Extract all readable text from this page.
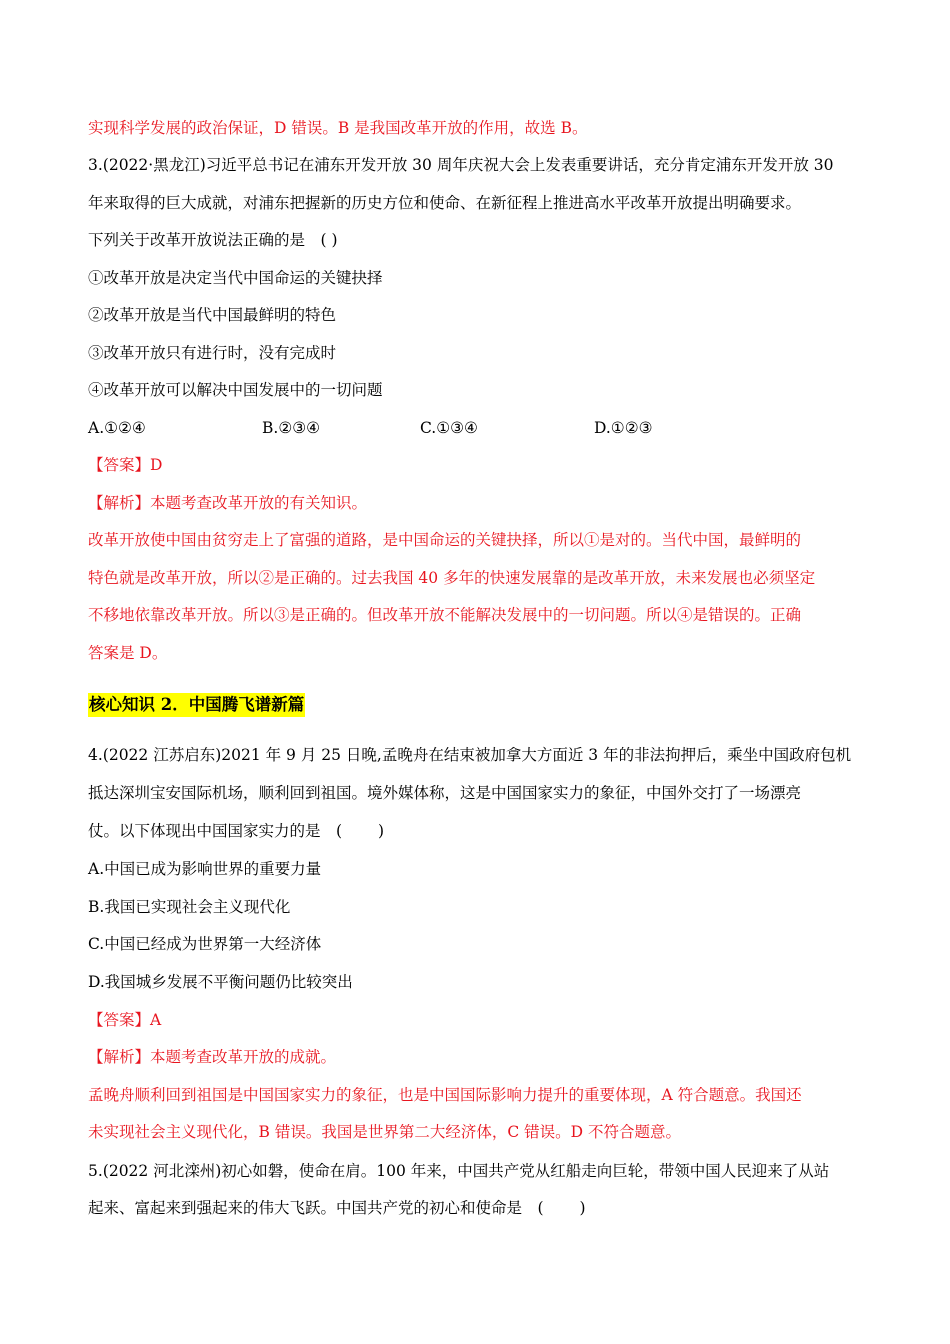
实现科学发展的政治保证，D 错误。B 是我国改革开放的作用，故选 B。
3.(2022·黑龙江)习近平总书记在浦东开发开放 30 周年庆祝大会上发表重要讲话，充分肯定浦东开发开放 30
年来取得的巨大成就，对浦东把握新的历史方位和使命、在新征程上推进高水平改革开放提出明确要求。
下列关于改革开放说法正确的是　( )
①改革开放是决定当代中国命运的关键抉择
②改革开放是当代中国最鲜明的特色
③改革开放只有进行时，没有完成时
④改革开放可以解决中国发展中的一切问题
A.①②④	B.②③④	C.①③④	D.①②③
【答案】D
【解析】本题考查改革开放的有关知识。
改革开放使中国由贫穷走上了富强的道路，是中国命运的关键抉择，所以①是对的。当代中国，最鲜明的
特色就是改革开放，所以②是正确的。过去我国 40 多年的快速发展靠的是改革开放，未来发展也必须坚定
不移地依靠改革开放。所以③是正确的。但改革开放不能解决发展中的一切问题。所以④是错误的。正确
答案是 D。
核心知识 2．中国腾飞谱新篇
4.(2022 江苏启东)2021 年 9 月 25 日晚,孟晚舟在结束被加拿大方面近 3 年的非法拘押后，乘坐中国政府包机
抵达深圳宝安国际机场，顺利回到祖国。境外媒体称，这是中国国家实力的象征，中国外交打了一场漂亮
仗。以下体现出中国国家实力的是　(　　 )
A.中国已成为影响世界的重要力量
B.我国已实现社会主义现代化
C.中国已经成为世界第一大经济体
D.我国城乡发展不平衡问题仍比较突出
【答案】A
【解析】本题考查改革开放的成就。
孟晚舟顺利回到祖国是中国国家实力的象征，也是中国国际影响力提升的重要体现，A 符合题意。我国还
未实现社会主义现代化，B 错误。我国是世界第二大经济体，C 错误。D 不符合题意。
5.(2022 河北滦州)初心如磐，使命在肩。100 年来，中国共产党从红船走向巨轮，带领中国人民迎来了从站
起来、富起来到强起来的伟大飞跃。中国共产党的初心和使命是　(　　 )
